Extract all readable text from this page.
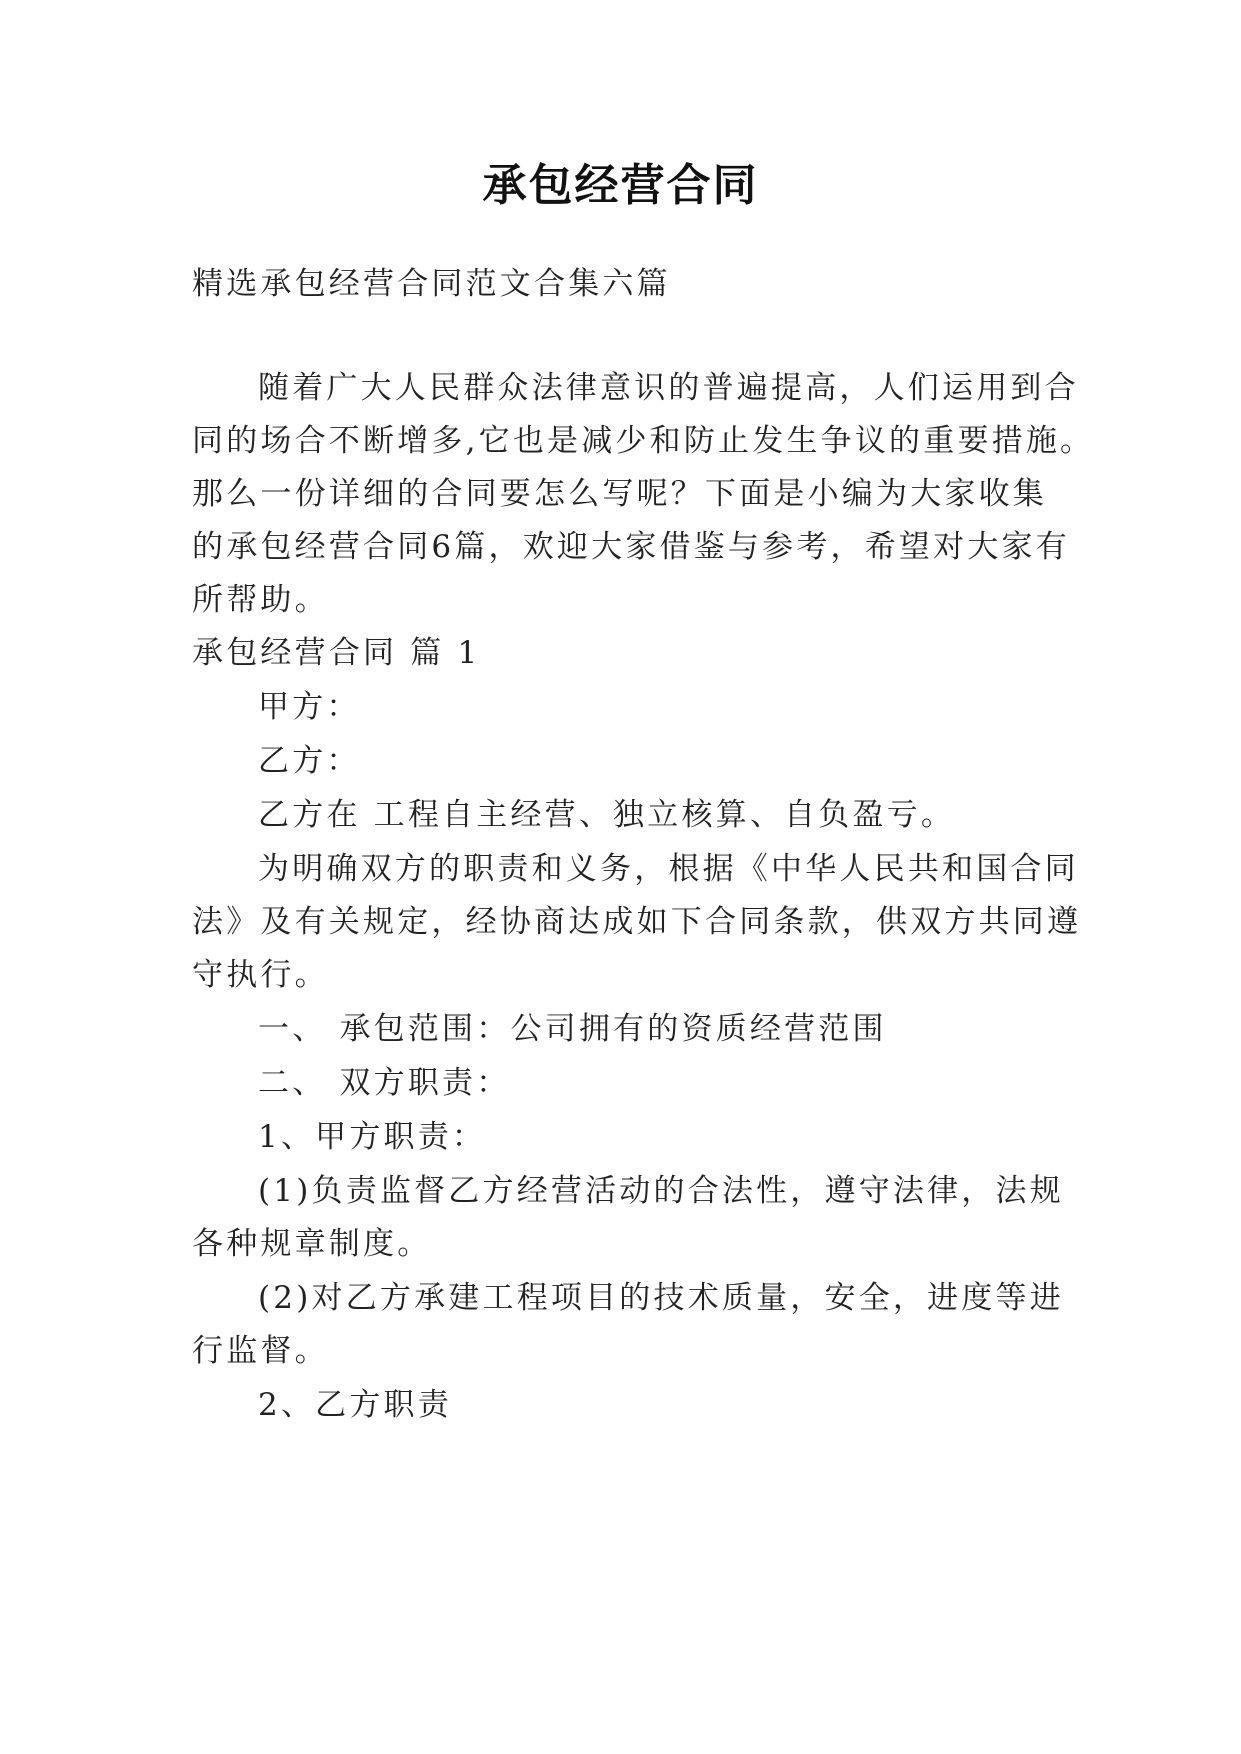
承包经营合同
精选承包经营合同范文合集六篇
随着广大人民群众法律意识的普遍提高，人们运用到合
同的场合不断增多,它也是减少和防止发生争议的重要措施。
那么一份详细的合同要怎么写呢？下面是小编为大家收集
的承包经营合同6篇，欢迎大家借鉴与参考，希望对大家有
所帮助。
承包经营合同 篇 1
甲方：
乙方：
乙方在 工程自主经营、独立核算、自负盈亏。
为明确双方的职责和义务，根据《中华人民共和国合同
法》及有关规定，经协商达成如下合同条款，供双方共同遵
守执行。
一、 承包范围：公司拥有的资质经营范围
二、 双方职责：
1、甲方职责：
(1)负责监督乙方经营活动的合法性，遵守法律，法规
各种规章制度。
(2)对乙方承建工程项目的技术质量，安全，进度等进
行监督。
2、乙方职责
